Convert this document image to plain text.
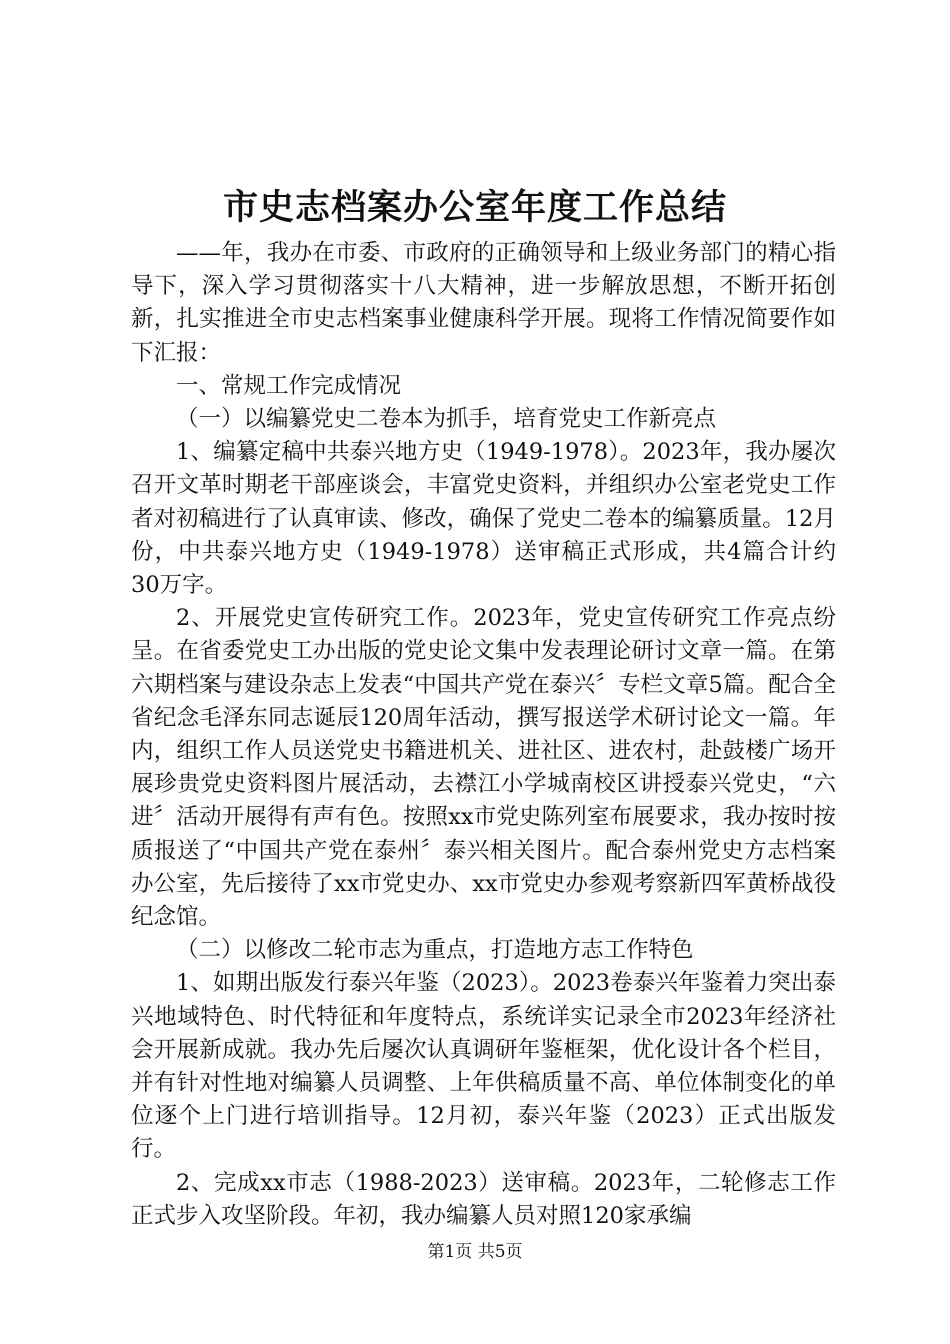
市史志档案办公室年度工作总结

——年，我办在市委、市政府的正确领导和上级业务部门的精心指导下，深入学习贯彻落实十八大精神，进一步解放思想，不断开拓创新，扎实推进全市史志档案事业健康科学开展。现将工作情况简要作如下汇报：

一、常规工作完成情况

（一）以编纂党史二卷本为抓手，培育党史工作新亮点

1、编纂定稿中共泰兴地方史（1949-1978）。2023年，我办屡次召开文革时期老干部座谈会，丰富党史资料，并组织办公室老党史工作者对初稿进行了认真审读、修改，确保了党史二卷本的编纂质量。12月份，中共泰兴地方史（1949-1978）送审稿正式形成，共4篇合计约30万字。

2、开展党史宣传研究工作。2023年，党史宣传研究工作亮点纷呈。在省委党史工办出版的党史论文集中发表理论研讨文章一篇。在第六期档案与建设杂志上发表“中国共产党在泰兴〞专栏文章5篇。配合全省纪念毛泽东同志诞辰120周年活动，撰写报送学术研讨论文一篇。年内，组织工作人员送党史书籍进机关、进社区、进农村，赴鼓楼广场开展珍贵党史资料图片展活动，去襟江小学城南校区讲授泰兴党史，“六进〞活动开展得有声有色。按照xx市党史陈列室布展要求，我办按时按质报送了“中国共产党在泰州〞泰兴相关图片。配合泰州党史方志档案办公室，先后接待了xx市党史办、xx市党史办参观考察新四军黄桥战役纪念馆。

（二）以修改二轮市志为重点，打造地方志工作特色

1、如期出版发行泰兴年鉴（2023）。2023卷泰兴年鉴着力突出泰兴地域特色、时代特征和年度特点，系统详实记录全市2023年经济社会开展新成就。我办先后屡次认真调研年鉴框架，优化设计各个栏目，并有针对性地对编纂人员调整、上年供稿质量不高、单位体制变化的单位逐个上门进行培训指导。12月初，泰兴年鉴（2023）正式出版发行。

2、完成xx市志（1988-2023）送审稿。2023年，二轮修志工作正式步入攻坚阶段。年初，我办编纂人员对照120家承编

第1页 共5页
